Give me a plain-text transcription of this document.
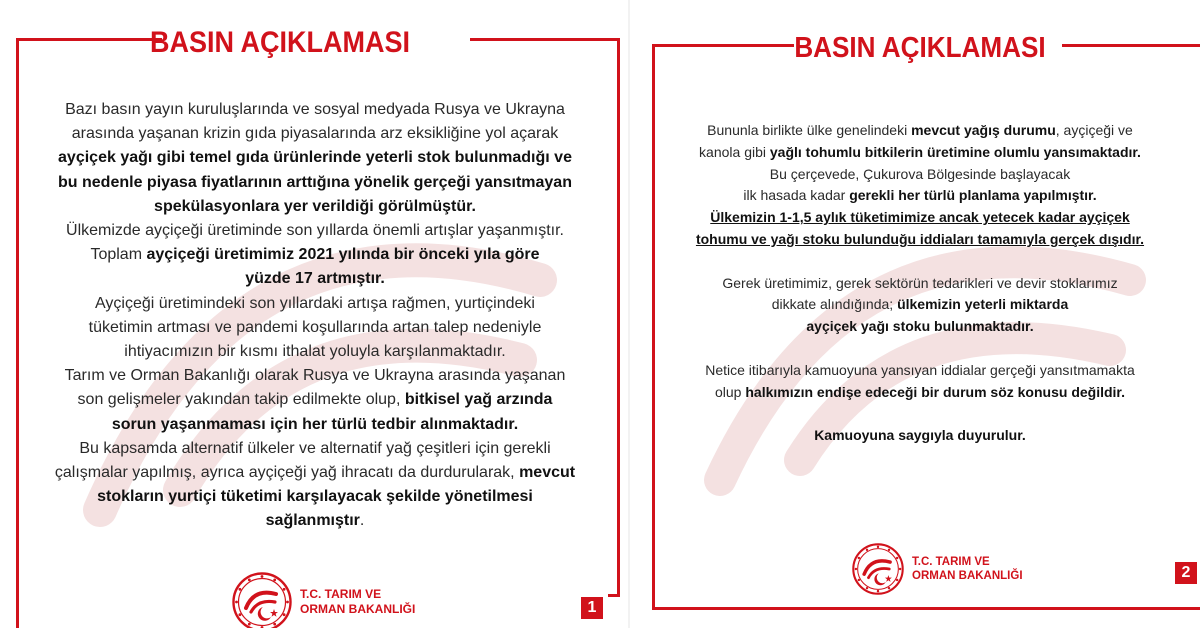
BASIN AÇIKLAMASI

Bazı basın yayın kuruluşlarında ve sosyal medyada Rusya ve Ukrayna

arasında yaşanan krizin gıda piyasalarında arz eksikliğine yol açarak

ayçiçek yağı gibi temel gıda ürünlerinde yeterli stok bulunmadığı ve

bu nedenle piyasa fiyatlarının arttığına yönelik gerçeği yansıtmayan

spekülasyonlara yer verildiği görülmüştür.

Ülkemizde ayçiçeği üretiminde son yıllarda önemli artışlar yaşanmıştır.

Toplam ayçiçeği üretimimiz 2021 yılında bir önceki yıla göre

yüzde 17 artmıştır.

Ayçiçeği üretimindeki son yıllardaki artışa rağmen, yurtiçindeki

tüketimin artması ve pandemi koşullarında artan talep nedeniyle

ihtiyacımızın bir kısmı ithalat yoluyla karşılanmaktadır.

Tarım ve Orman Bakanlığı olarak Rusya ve Ukrayna arasında yaşanan

son gelişmeler yakından takip edilmekte olup, bitkisel yağ arzında

sorun yaşanmaması için her türlü tedbir alınmaktadır.

Bu kapsamda alternatif ülkeler ve alternatif yağ çeşitleri için gerekli

çalışmalar yapılmış, ayrıca ayçiçeği yağ ihracatı da durdurularak, mevcut

stokların yurtiçi tüketimi karşılayacak şekilde yönetilmesi

sağlanmıştır.

T.C. TARIM VE
ORMAN BAKANLIĞI	1
BASIN AÇIKLAMASI

Bununla birlikte ülke genelindeki mevcut yağış durumu, ayçiçeği ve

kanola gibi yağlı tohumlu bitkilerin üretimine olumlu yansımaktadır.

Bu çerçevede, Çukurova Bölgesinde başlayacak

ilk hasada kadar gerekli her türlü planlama yapılmıştır.

Ülkemizin 1-1,5 aylık tüketimimize ancak yetecek kadar ayçiçek

tohumu ve yağı stoku bulunduğu iddiaları tamamıyla gerçek dışıdır.

Gerek üretimimiz, gerek sektörün tedarikleri ve devir stoklarımız

dikkate alındığında; ülkemizin yeterli miktarda

ayçiçek yağı stoku bulunmaktadır.

Netice itibarıyla kamuoyuna yansıyan iddialar gerçeği yansıtmamakta

olup halkımızın endişe edeceği bir durum söz konusu değildir.

Kamuoyuna saygıyla duyurulur.

T.C. TARIM VE
ORMAN BAKANLIĞI	2
